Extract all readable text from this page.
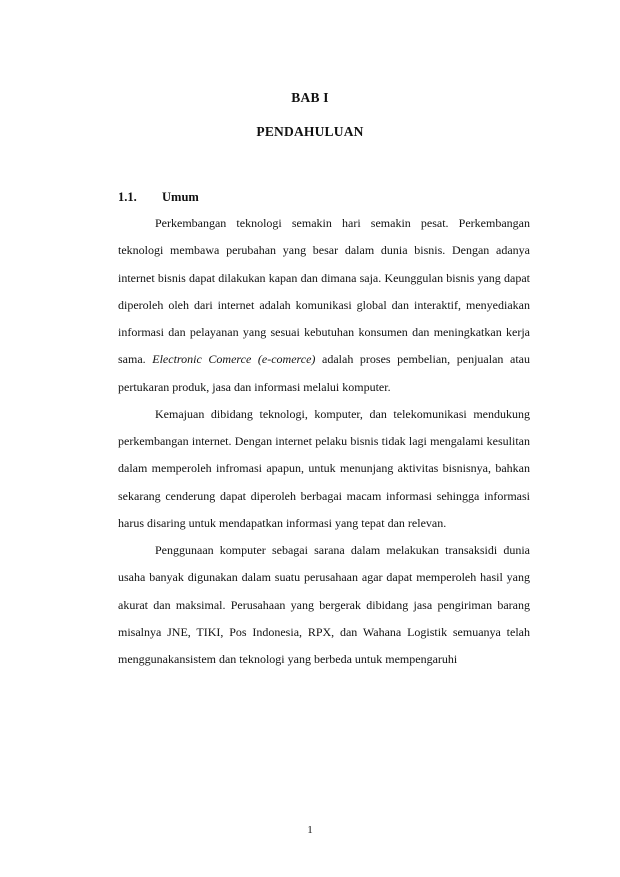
BAB I
PENDAHULUAN
1.1. Umum

Perkembangan teknologi semakin hari semakin pesat. Perkembangan teknologi membawa perubahan yang besar dalam dunia bisnis. Dengan adanya internet bisnis dapat dilakukan kapan dan dimana saja. Keunggulan bisnis yang dapat diperoleh oleh dari internet adalah komunikasi global dan interaktif, menyediakan informasi dan pelayanan yang sesuai kebutuhan konsumen dan meningkatkan kerja sama. Electronic Comerce (e-comerce) adalah proses pembelian, penjualan atau pertukaran produk, jasa dan informasi melalui komputer.

Kemajuan dibidang teknologi, komputer, dan telekomunikasi mendukung perkembangan internet. Dengan internet pelaku bisnis tidak lagi mengalami kesulitan dalam memperoleh infromasi apapun, untuk menunjang aktivitas bisnisnya, bahkan sekarang cenderung dapat diperoleh berbagai macam informasi sehingga informasi harus disaring untuk mendapatkan informasi yang tepat dan relevan.

Penggunaan komputer sebagai sarana dalam melakukan transaksidi dunia usaha banyak digunakan dalam suatu perusahaan agar dapat memperoleh hasil yang akurat dan maksimal. Perusahaan yang bergerak dibidang jasa pengiriman barang misalnya JNE, TIKI, Pos Indonesia, RPX, dan Wahana Logistik semuanya telah menggunakansistem dan teknologi yang berbeda untuk mempengaruhi

1
